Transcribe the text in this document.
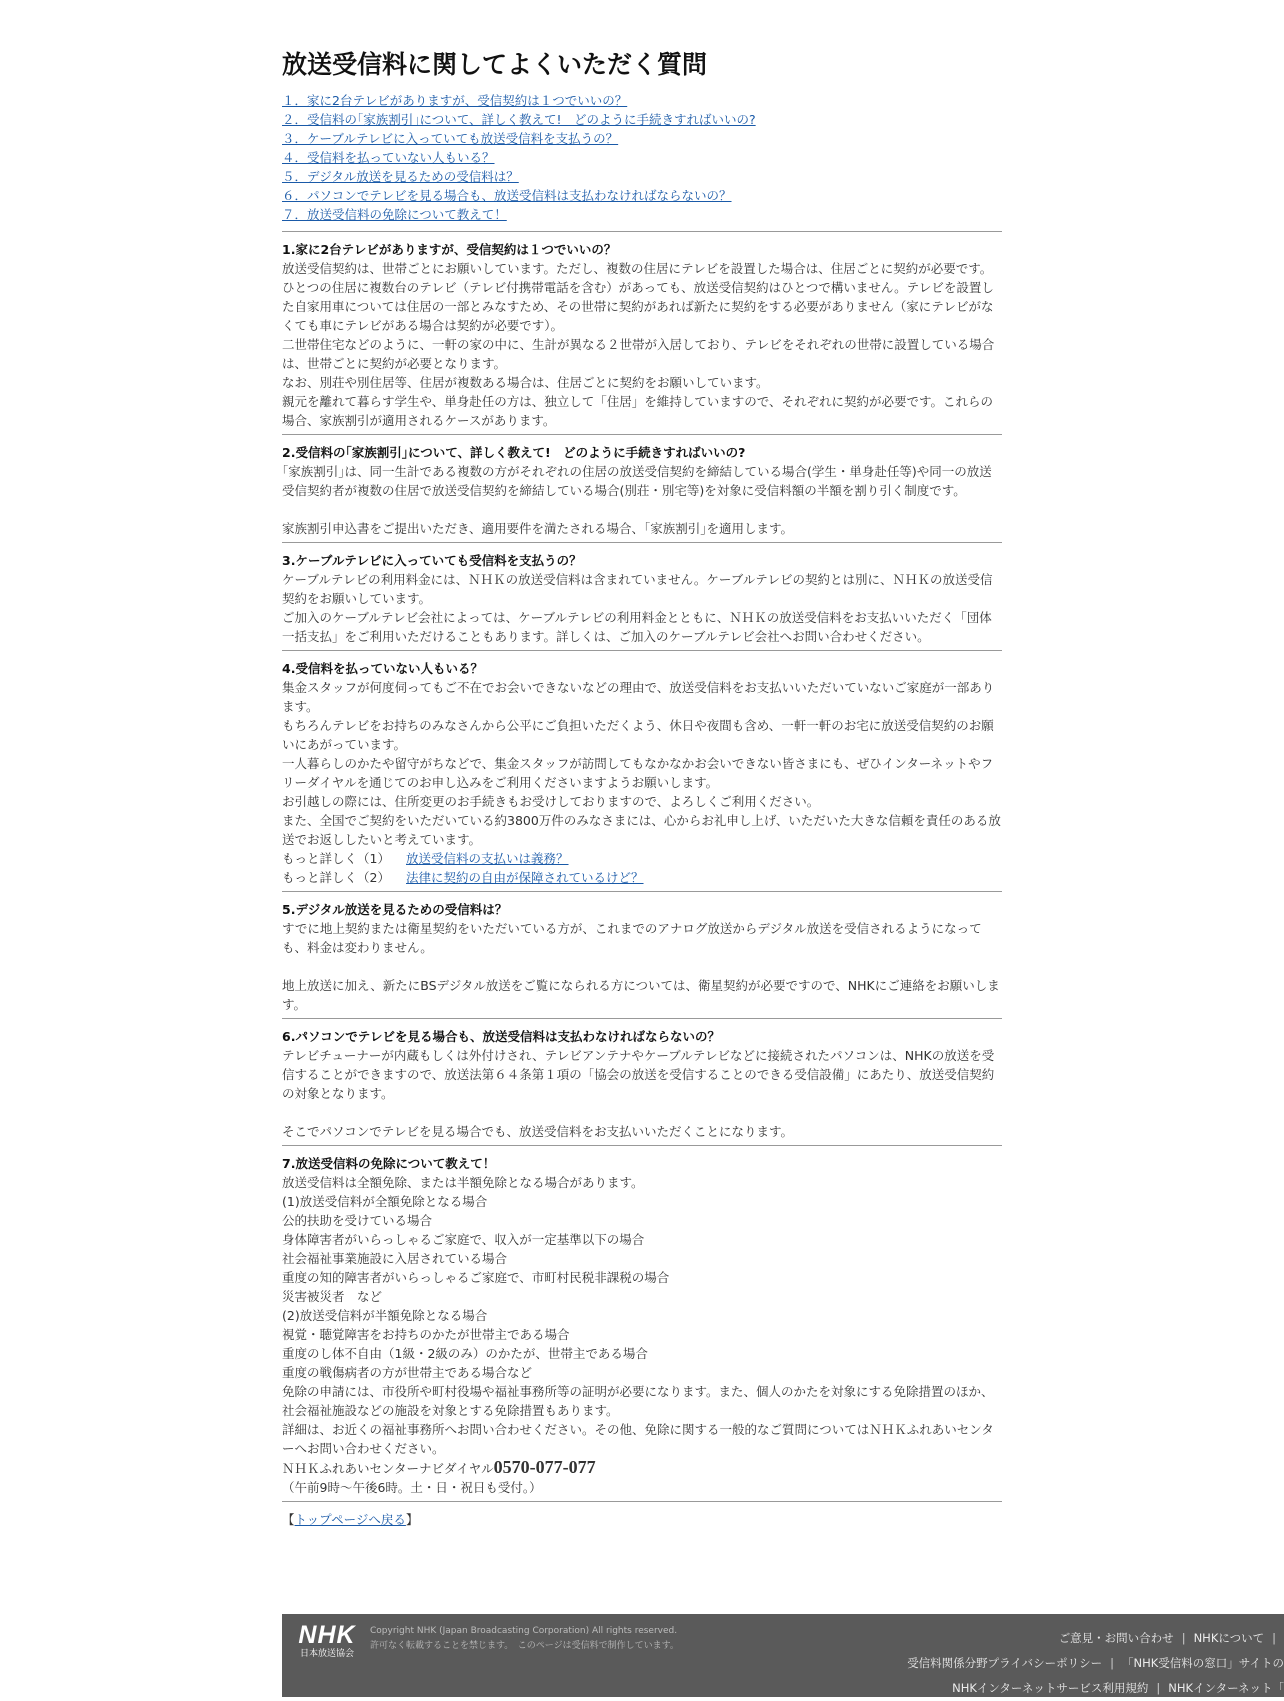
放送受信料に関してよくいただく質問
１．家に2台テレビがありますが、受信契約は１つでいいの？
２．受信料の｢家族割引｣について、詳しく教えて!　どのように手続きすればいいの?
３．ケーブルテレビに入っていても放送受信料を支払うの？
４．受信料を払っていない人もいる？
５．デジタル放送を見るための受信料は？
６．パソコンでテレビを見る場合も、放送受信料は支払わなければならないの？
７．放送受信料の免除について教えて！
1.家に2台テレビがありますが、受信契約は１つでいいの？

放送受信契約は、世帯ごとにお願いしています。ただし、複数の住居にテレビを設置した場合は、住居ごとに契約が必要です。

ひとつの住居に複数台のテレビ（テレビ付携帯電話を含む）があっても、放送受信契約はひとつで構いません。テレビを設置した自家用車については住居の一部とみなすため、その世帯に契約があれば新たに契約をする必要がありません（家にテレビがなくても車にテレビがある場合は契約が必要です）。

二世帯住宅などのように、一軒の家の中に、生計が異なる２世帯が入居しており、テレビをそれぞれの世帯に設置している場合は、世帯ごとに契約が必要となります。

なお、別荘や別住居等、住居が複数ある場合は、住居ごとに契約をお願いしています。

親元を離れて暮らす学生や、単身赴任の方は、独立して「住居」を維持していますので、それぞれに契約が必要です。これらの場合、家族割引が適用されるケースがあります。

2.受信料の｢家族割引｣について、詳しく教えて!　どのように手続きすればいいの?

｢家族割引｣は、同一生計である複数の方がそれぞれの住居の放送受信契約を締結している場合(学生・単身赴任等)や同一の放送受信契約者が複数の住居で放送受信契約を締結している場合(別荘・別宅等)を対象に受信料額の半額を割り引く制度です。

家族割引申込書をご提出いただき、適用要件を満たされる場合、｢家族割引｣を適用します。

3.ケーブルテレビに入っていても受信料を支払うの？

ケーブルテレビの利用料金には、ＮＨＫの放送受信料は含まれていません。ケーブルテレビの契約とは別に、ＮＨＫの放送受信契約をお願いしています。

ご加入のケーブルテレビ会社によっては、ケーブルテレビの利用料金とともに、ＮＨＫの放送受信料をお支払いいただく「団体一括支払」をご利用いただけることもあります。詳しくは、ご加入のケーブルテレビ会社へお問い合わせください。

4.受信料を払っていない人もいる？

集金スタッフが何度伺ってもご不在でお会いできないなどの理由で、放送受信料をお支払いいただいていないご家庭が一部あります。

もちろんテレビをお持ちのみなさんから公平にご負担いただくよう、休日や夜間も含め、一軒一軒のお宅に放送受信契約のお願いにあがっています。

一人暮らしのかたや留守がちなどで、集金スタッフが訪問してもなかなかお会いできない皆さまにも、ぜひインターネットやフリーダイヤルを通じてのお申し込みをご利用くださいますようお願いします。

お引越しの際には、住所変更のお手続きもお受けしておりますので、よろしくご利用ください。

また、全国でご契約をいただいている約3800万件のみなさまには、心からお礼申し上げ、いただいた大きな信頼を責任のある放送でお返ししたいと考えています。

もっと詳しく（1）	放送受信料の支払いは義務？
もっと詳しく（2）	法律に契約の自由が保障されているけど？
5.デジタル放送を見るための受信料は？

すでに地上契約または衛星契約をいただいている方が、これまでのアナログ放送からデジタル放送を受信されるようになっても、料金は変わりません。

地上放送に加え、新たにBSデジタル放送をご覧になられる方については、衛星契約が必要ですので、NHKにご連絡をお願いします。

6.パソコンでテレビを見る場合も、放送受信料は支払わなければならないの？

テレビチューナーが内蔵もしくは外付けされ、テレビアンテナやケーブルテレビなどに接続されたパソコンは、NHKの放送を受信することができますので、放送法第６４条第１項の「協会の放送を受信することのできる受信設備」にあたり、放送受信契約の対象となります。

そこでパソコンでテレビを見る場合でも、放送受信料をお支払いいただくことになります。

7.放送受信料の免除について教えて！

放送受信料は全額免除、または半額免除となる場合があります。

(1)放送受信料が全額免除となる場合

公的扶助を受けている場合

身体障害者がいらっしゃるご家庭で、収入が一定基準以下の場合

社会福祉事業施設に入居されている場合

重度の知的障害者がいらっしゃるご家庭で、市町村民税非課税の場合

災害被災者　など

(2)放送受信料が半額免除となる場合

視覚・聴覚障害をお持ちのかたが世帯主である場合

重度のし体不自由（1級・2級のみ）のかたが、世帯主である場合

重度の戦傷病者の方が世帯主である場合など

免除の申請には、市役所や町村役場や福祉事務所等の証明が必要になります。また、個人のかたを対象にする免除措置のほか、社会福祉施設などの施設を対象とする免除措置もあります。

詳細は、お近くの福祉事務所へお問い合わせください。その他、免除に関する一般的なご質問についてはＮＨＫふれあいセンターへお問い合わせください。

ＮＨＫふれあいセンターナビダイヤル0570-077-077

（午前9時～午後6時。土・日・祝日も受付。）

【トップページへ戻る】
NHK
日本放送協会
Copyright NHK (Japan Broadcasting Corporation) All rights reserved.
許可なく転載することを禁じます。　このページは受信料で制作しています。
ご意見・お問い合わせ | NHKについて |
受信料関係分野プライバシーポリシー | 「NHK受信料の窓口」サイトの
NHKインターネットサービス利用規約 | NHKインターネット「
